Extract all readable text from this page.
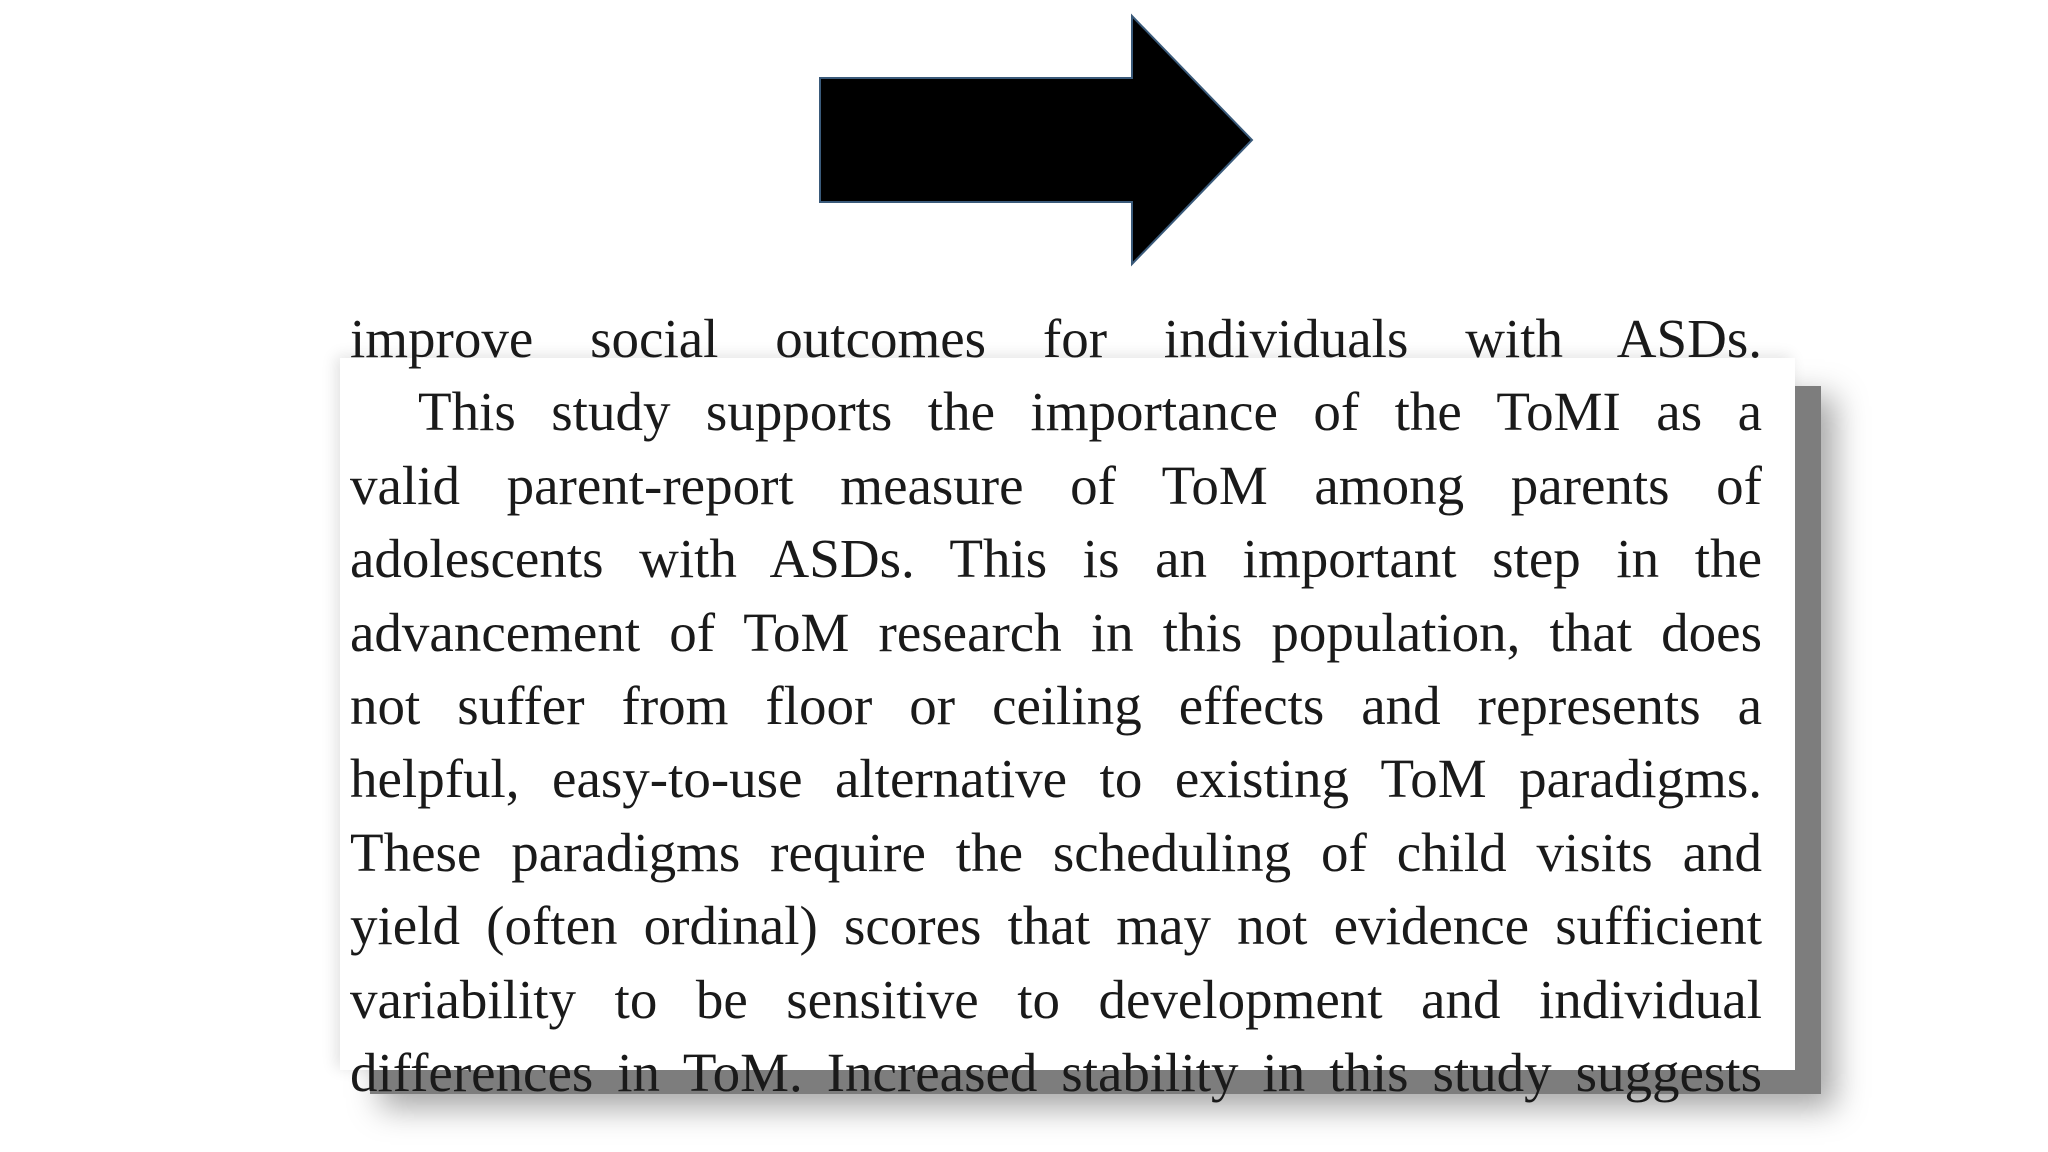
improve social outcomes for individuals with ASDs.
This study supports the importance of the ToMI as a
valid parent-report measure of ToM among parents of
adolescents with ASDs. This is an important step in the
advancement of ToM research in this population, that does
not suffer from floor or ceiling effects and represents a
helpful, easy-to-use alternative to existing ToM paradigms.
These paradigms require the scheduling of child visits and
yield (often ordinal) scores that may not evidence sufficient
variability to be sensitive to development and individual
differences in ToM. Increased stability in this study suggests
